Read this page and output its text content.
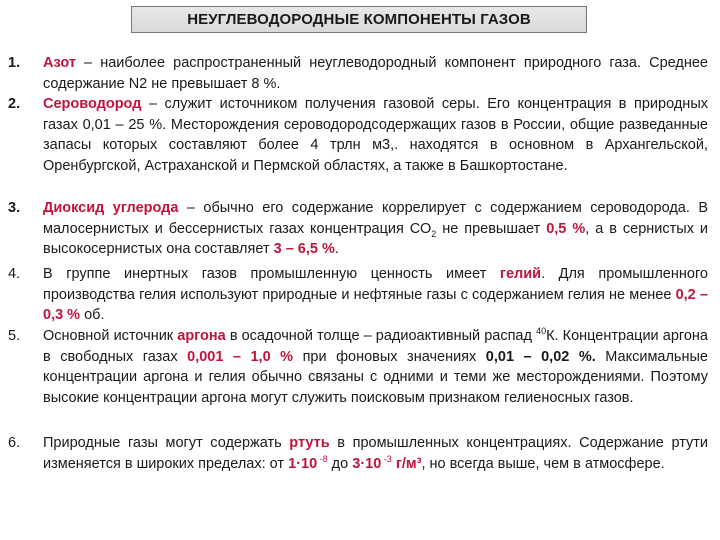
НЕУГЛЕВОДОРОДНЫЕ КОМПОНЕНТЫ ГАЗОВ
1. Азот – наиболее распространенный неуглеводородный компонент природного газа. Среднее содержание N2 не превышает 8 %.
2. Сероводород – служит источником получения газовой серы. Его концентрация в природных газах 0,01 – 25 %. Месторождения сероводородсодержащих газов в России, общие разведанные запасы которых составляют более 4 трлн м3,. находятся в основном в Архангельской, Оренбургской, Астраханской и Пермской областях, а также в Башкортостане.
3. Диоксид углерода – обычно его содержание коррелирует с содержанием сероводорода. В малосернистых и бессернистых газах концентрация $СО_2$ не превышает 0,5 %, а в сернистых и высокосернистых она составляет 3 – 6,5 %.
4. В группе инертных газов промышленную ценность имеет гелий. Для промышленного производства гелия используют природные и нефтяные газы с содержанием гелия не менее 0,2 – 0,3 % об.
5. Основной источник аргона в осадочной толще – радиоактивный распад $^{40}$К. Концентрации аргона в свободных газах 0,001 – 1,0 % при фоновых значениях 0,01 – 0,02 %. Максимальные концентрации аргона и гелия обычно связаны с одними и теми же месторождениями. Поэтому высокие концентрации аргона могут служить поисковым признаком гелиеносных газов.
6. Природные газы могут содержать ртуть в промышленных концентрациях. Содержание ртути изменяется в широких пределах: от 1·10 $^{-8}$ до 3·10 $^{-3}$ г/м³, но всегда выше, чем в атмосфере.
